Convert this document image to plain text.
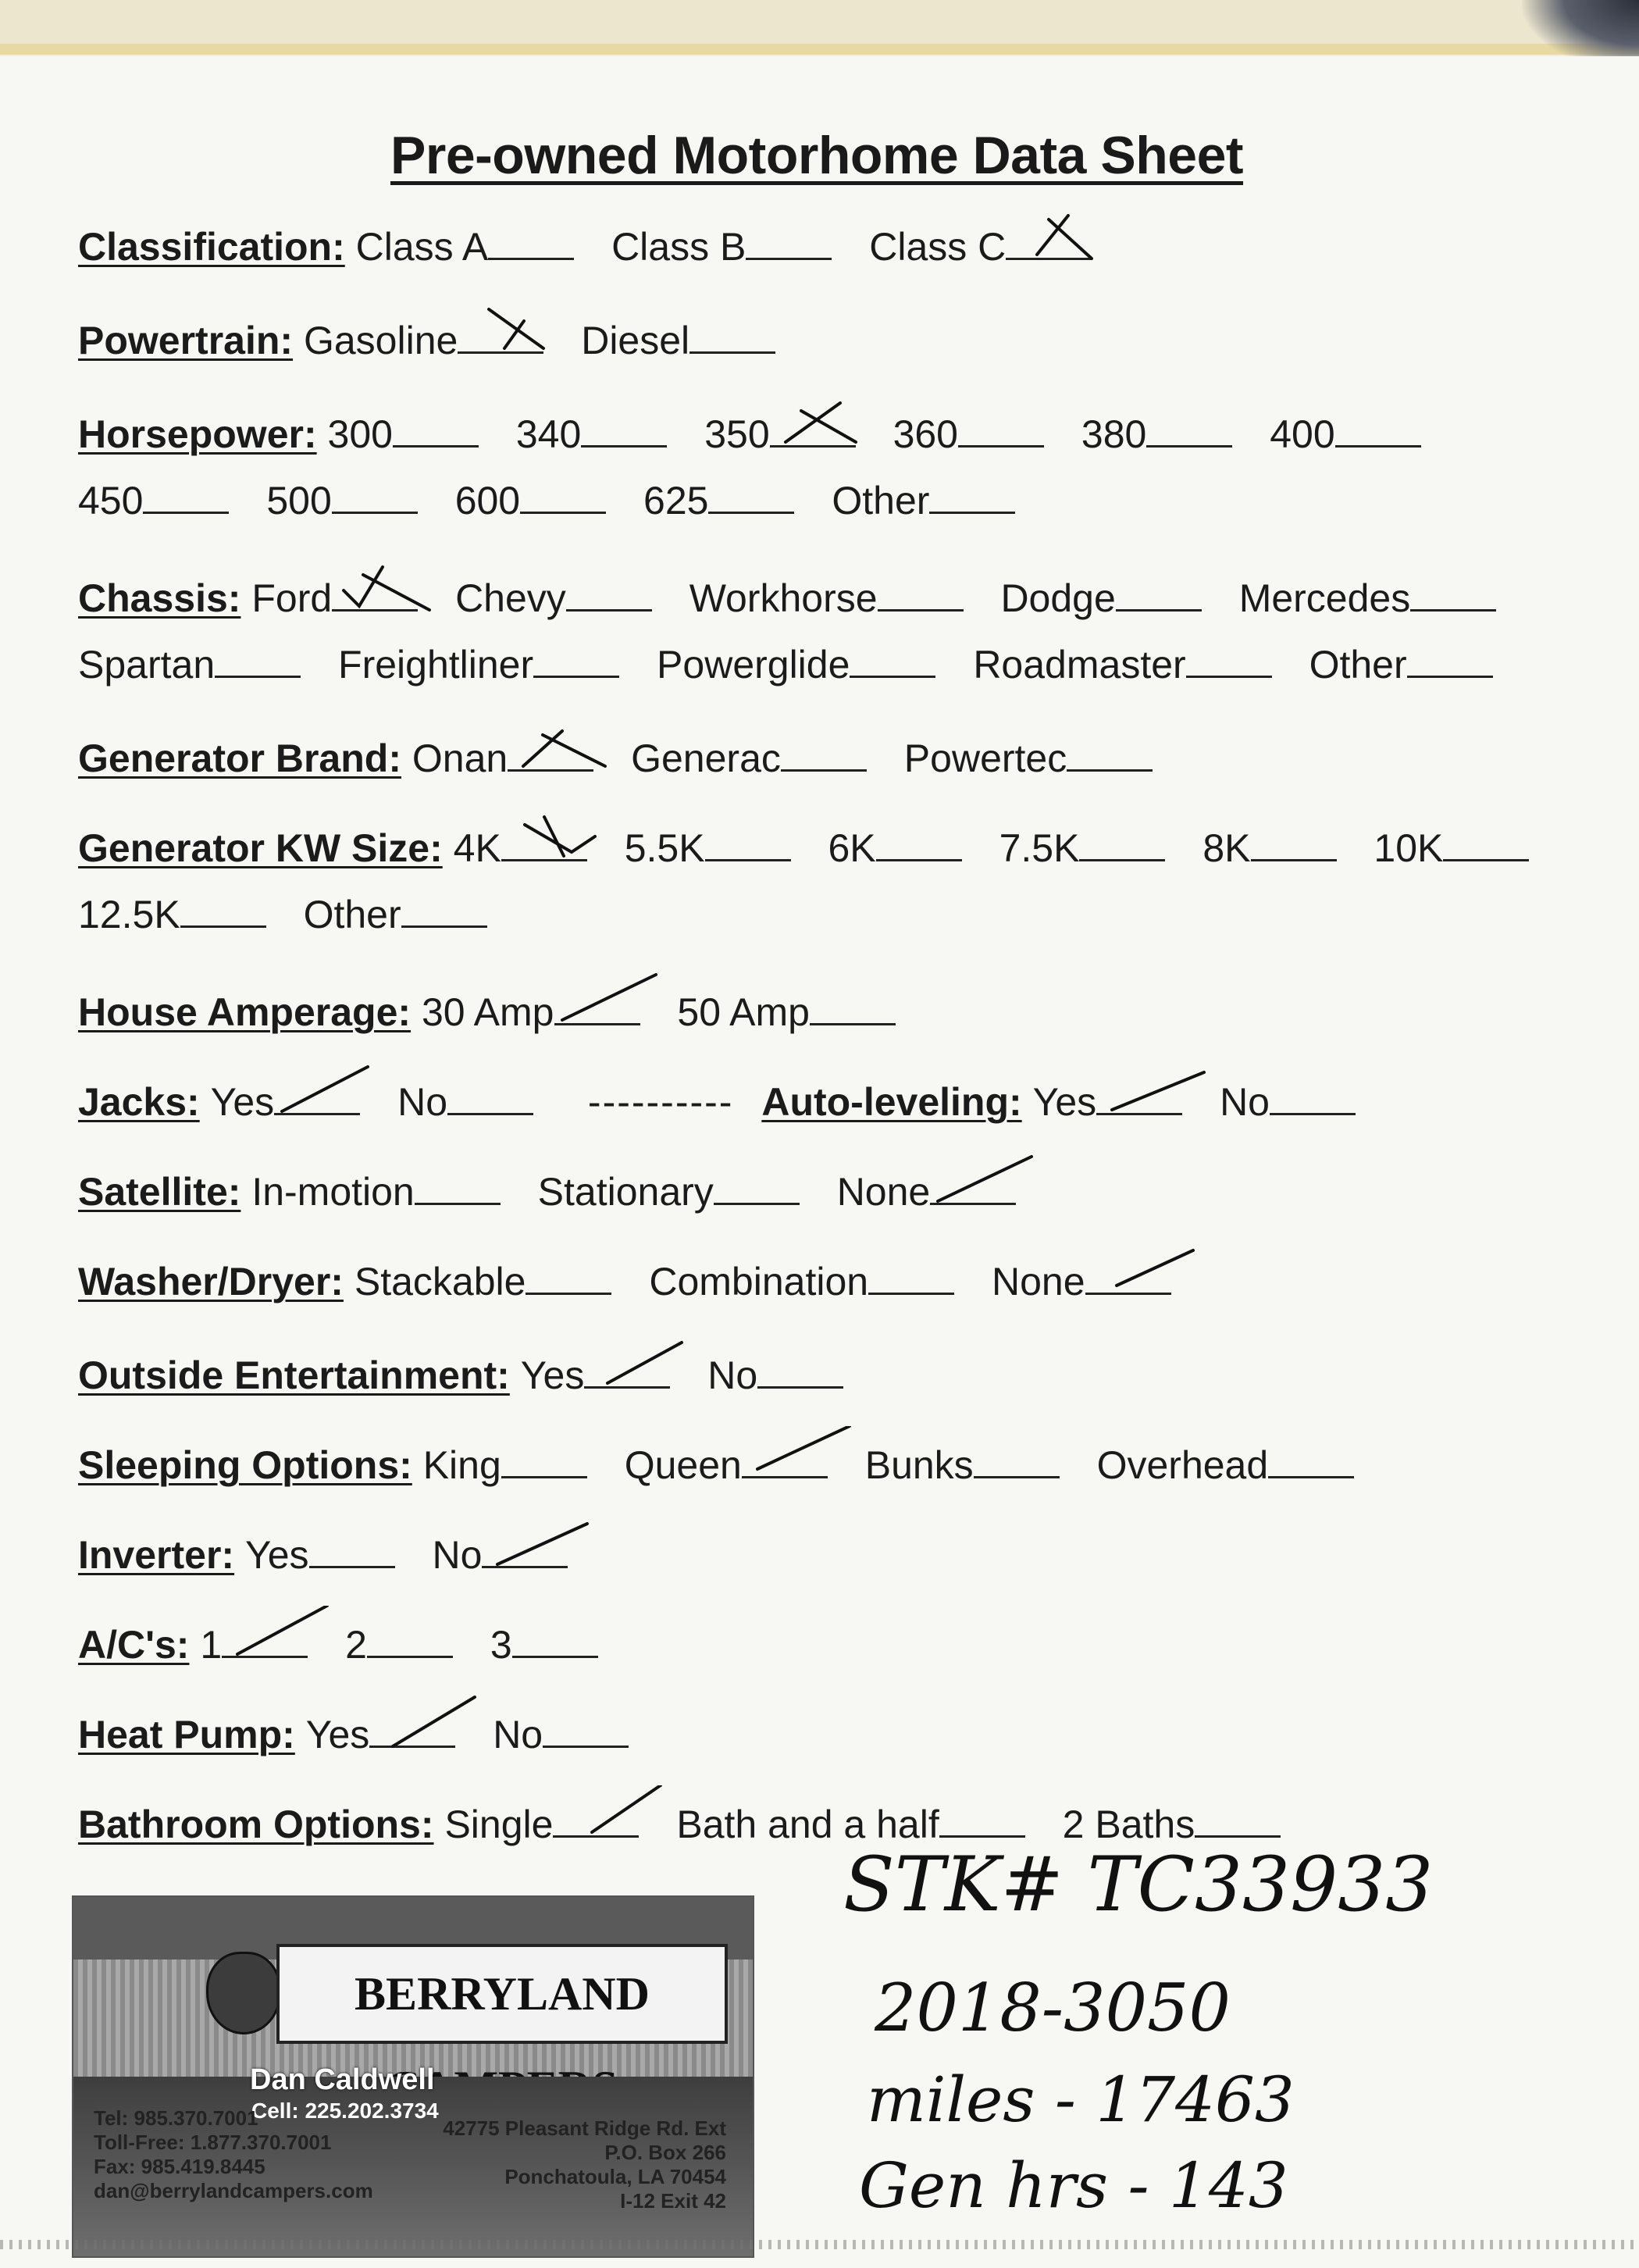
Pre-owned Motorhome Data Sheet
Classification: Class A	Class B	Class C
Powertrain: Gasoline	Diesel
Horsepower: 300	340	350	360	380	400
450	500	600	625	Other
Chassis: Ford	Chevy	Workhorse	Dodge	Mercedes
Spartan	Freightliner	Powerglide	Roadmaster	Other
Generator Brand: Onan	Generac	Powertec
Generator KW Size: 4K	5.5K	6K	7.5K	8K	10K
12.5K	Other
House Amperage: 30 Amp	50 Amp
Jacks: Yes	No	---------- Auto-leveling: Yes	No
Satellite: In-motion	Stationary	None
Washer/Dryer: Stackable	Combination	None
Outside Entertainment: Yes	No
Sleeping Options: King	Queen	Bunks	Overhead
Inverter: Yes	No
A/C's: 1	2	3
Heat Pump: Yes	No
Bathroom Options: Single	Bath and a half	2 Baths
BERRYLAND
Dan Caldwell
Cell: 225.202.3734
Tel: 985.370.7001
Toll-Free: 1.877.370.7001
Fax: 985.419.8445
dan@berrylandcampers.com
42775 Pleasant Ridge Rd. Ext
P.O. Box 266
Ponchatoula, LA 70454
I-12 Exit 42
STK# TC33933
2018-3050
miles - 17463
Gen hrs - 143
